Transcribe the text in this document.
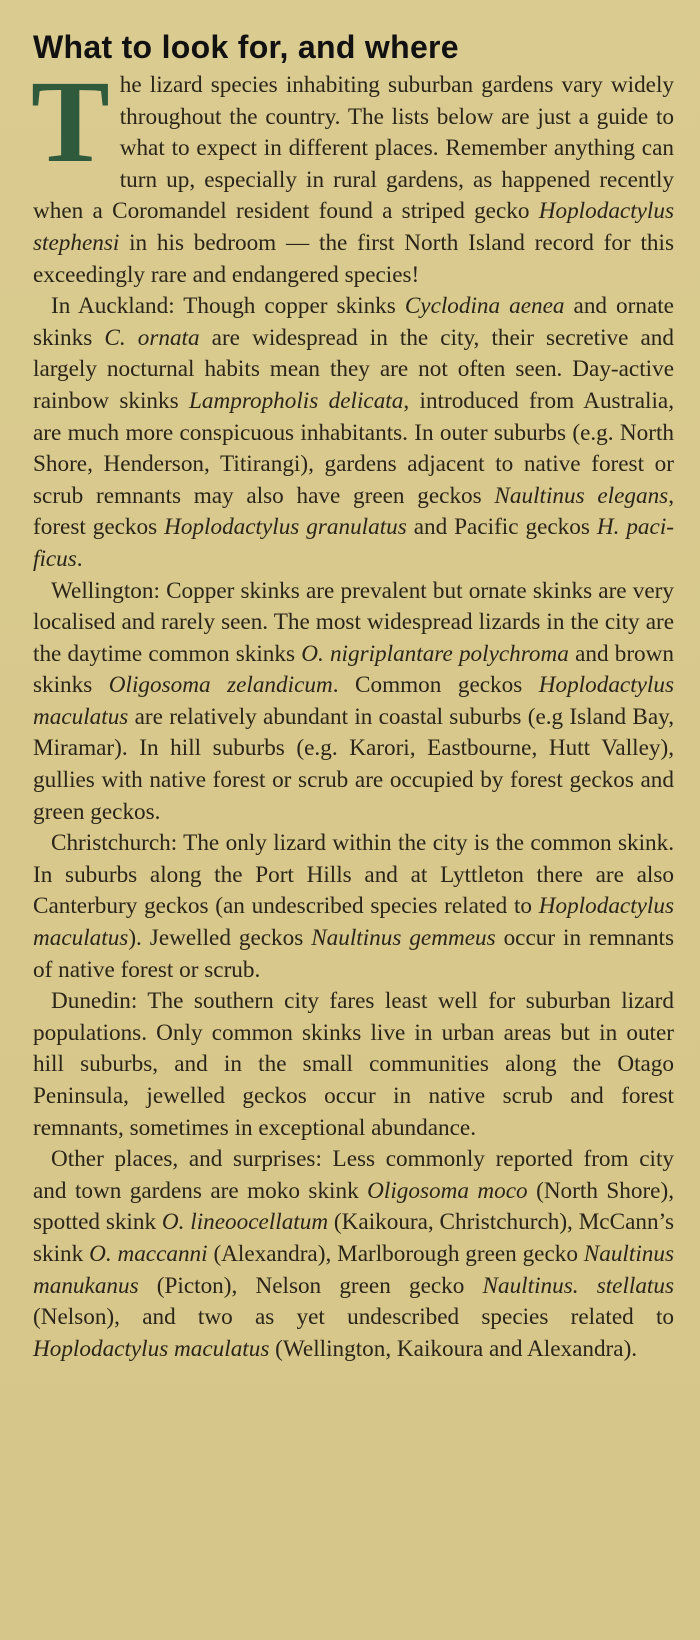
What to look for, and where

The lizard species inhabiting suburban gardens vary widely throughout the country. The lists below are just a guide to what to expect in different places. Remember anything can turn up, especially in rural gardens, as happened recently when a Coromandel resident found a striped gecko Hoplodactylus stephensi in his bedroom — the first North Island record for this exceedingly rare and endangered species!

In Auckland: Though copper skinks Cyclodina aenea and ornate skinks C. ornata are widespread in the city, their secretive and largely nocturnal habits mean they are not often seen. Day-active rainbow skinks Lampropholis delicata, introduced from Australia, are much more conspicuous inhabitants. In outer suburbs (e.g. North Shore, Henderson, Titirangi), gardens adjacent to native forest or scrub remnants may also have green geckos Naultinus elegans, forest geckos Hoplodactylus granulatus and Pacific geckos H. pacificus.

Wellington: Copper skinks are prevalent but ornate skinks are very localised and rarely seen. The most widespread lizards in the city are the daytime common skinks O. nigriplantare polychroma and brown skinks Oligosoma zelandicum. Common geckos Hoplodactylus maculatus are relatively abundant in coastal suburbs (e.g Island Bay, Miramar). In hill suburbs (e.g. Karori, Eastbourne, Hutt Valley), gullies with native forest or scrub are occupied by forest geckos and green geckos.

Christchurch: The only lizard within the city is the common skink. In suburbs along the Port Hills and at Lyttleton there are also Canterbury geckos (an undescribed species related to Hoplodactylus maculatus). Jewelled geckos Naultinus gemmeus occur in remnants of native forest or scrub.

Dunedin: The southern city fares least well for suburban lizard populations. Only common skinks live in urban areas but in outer hill suburbs, and in the small communities along the Otago Peninsula, jewelled geckos occur in native scrub and forest remnants, sometimes in exceptional abundance.

Other places, and surprises: Less commonly reported from city and town gardens are moko skink Oligosoma moco (North Shore), spotted skink O. lineoocellatum (Kaikoura, Christchurch), McCann’s skink O. maccanni (Alexandra), Marlborough green gecko Naultinus manukanus (Picton), Nelson green gecko Naultinus. stellatus (Nelson), and two as yet undescribed species related to Hoplodactylus maculatus (Wellington, Kaikoura and Alexandra).
